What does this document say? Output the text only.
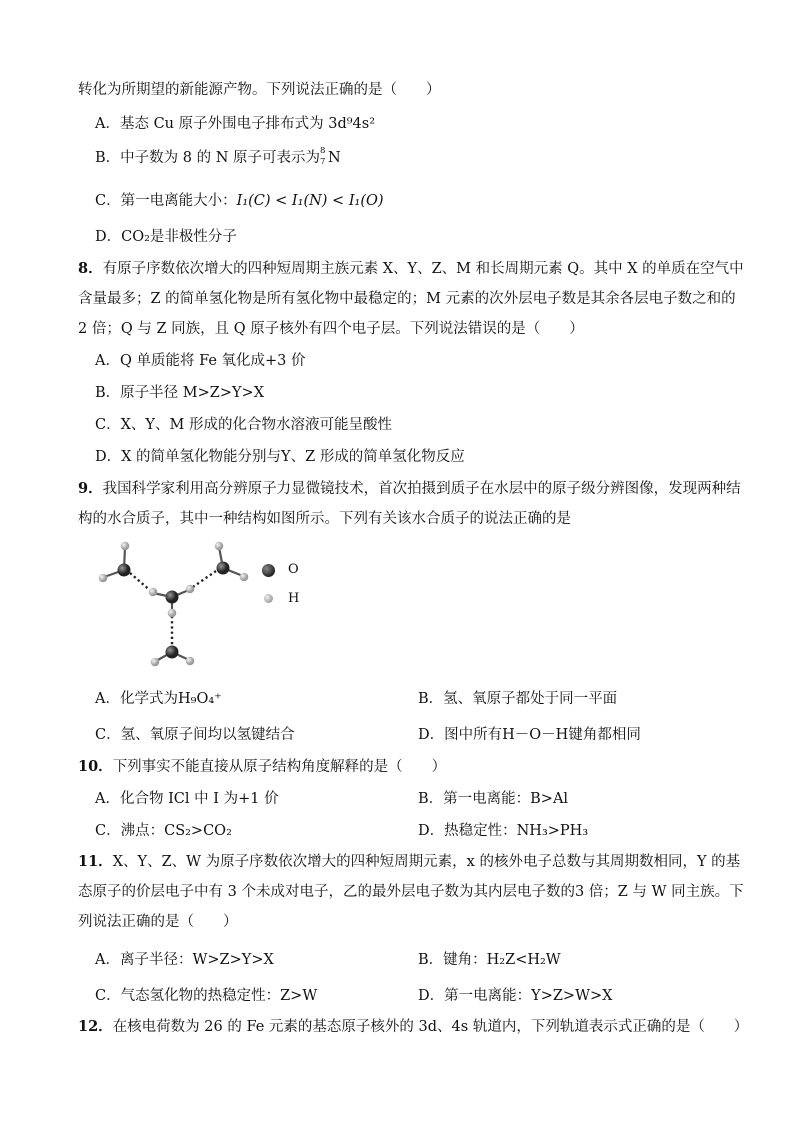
转化为所期望的新能源产物。下列说法正确的是（　　）
A．基态 Cu 原子外围电子排布式为 3d⁹4s²
B．中子数为 8 的 N 原子可表示为 8
7 N
C．第一电离能大小：I₁(C) < I₁(N) < I₁(O)
D．CO₂是非极性分子
8．有原子序数依次增大的四种短周期主族元素 X、Y、Z、M 和长周期元素 Q。其中 X 的单质在空气中
含量最多；Z 的简单氢化物是所有氢化物中最稳定的；M 元素的次外层电子数是其余各层电子数之和的
2 倍；Q 与 Z 同族，且 Q 原子核外有四个电子层。下列说法错误的是（　　）
A．Q 单质能将 Fe 氧化成+3 价
B．原子半径 M>Z>Y>X
C．X、Y、M 形成的化合物水溶液可能呈酸性
D．X 的简单氢化物能分别与Y、Z 形成的简单氢化物反应
9．我国科学家利用高分辨原子力显微镜技术，首次拍摄到质子在水层中的原子级分辨图像，发现两种结
构的水合质子，其中一种结构如图所示。下列有关该水合质子的说法正确的是
O
H
A．化学式为H₉O₄⁺	B．氢、氧原子都处于同一平面
C．氢、氧原子间均以氢键结合	D．图中所有H－O－H键角都相同
10．下列事实不能直接从原子结构角度解释的是（　　）
A．化合物 ICl 中 I 为+1 价	B．第一电离能：B>Al
C．沸点：CS₂>CO₂	D．热稳定性：NH₃>PH₃
11．X、Y、Z、W 为原子序数依次增大的四种短周期元素，x 的核外电子总数与其周期数相同，Y 的基
态原子的价层电子中有 3 个未成对电子，乙的最外层电子数为其内层电子数的3 倍；Z 与 W 同主族。下
列说法正确的是（　　）
A．离子半径：W>Z>Y>X	B．键角：H₂Z<H₂W
C．气态氢化物的热稳定性：Z>W	D．第一电离能：Y>Z>W>X
12．在核电荷数为 26 的 Fe 元素的基态原子核外的 3d、4s 轨道内，下列轨道表示式正确的是（　　）
